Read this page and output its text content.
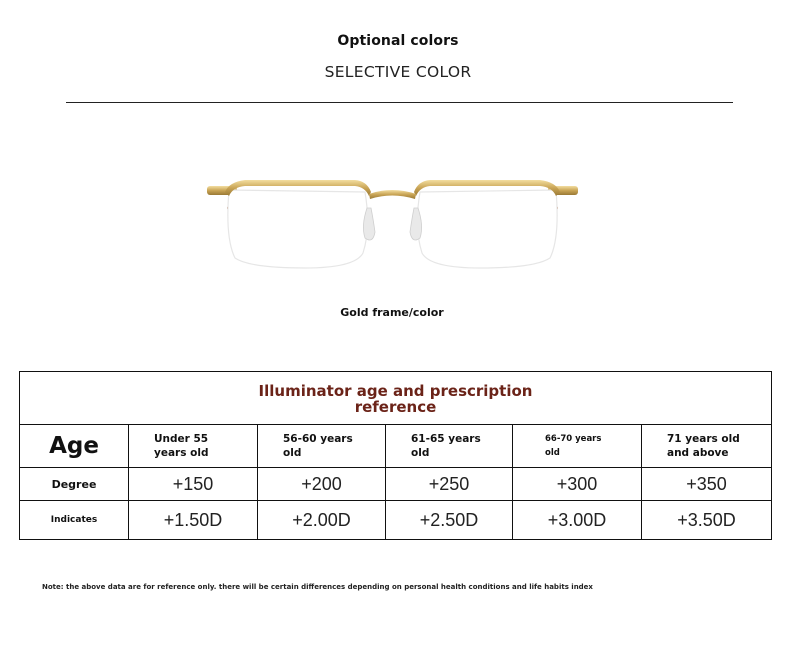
Optional colors
SELECTIVE COLOR
Gold frame/color
Illuminator age and prescription reference					
Age	Under 55 years old	56-60 years old	61-65 years old	66-70 years old	71 years old and above
Degree	+150	+200	+250	+300	+350
Indicates	+1.50D	+2.00D	+2.50D	+3.00D	+3.50D
Note: the above data are for reference only. there will be certain differences depending on personal health conditions and life habits index
